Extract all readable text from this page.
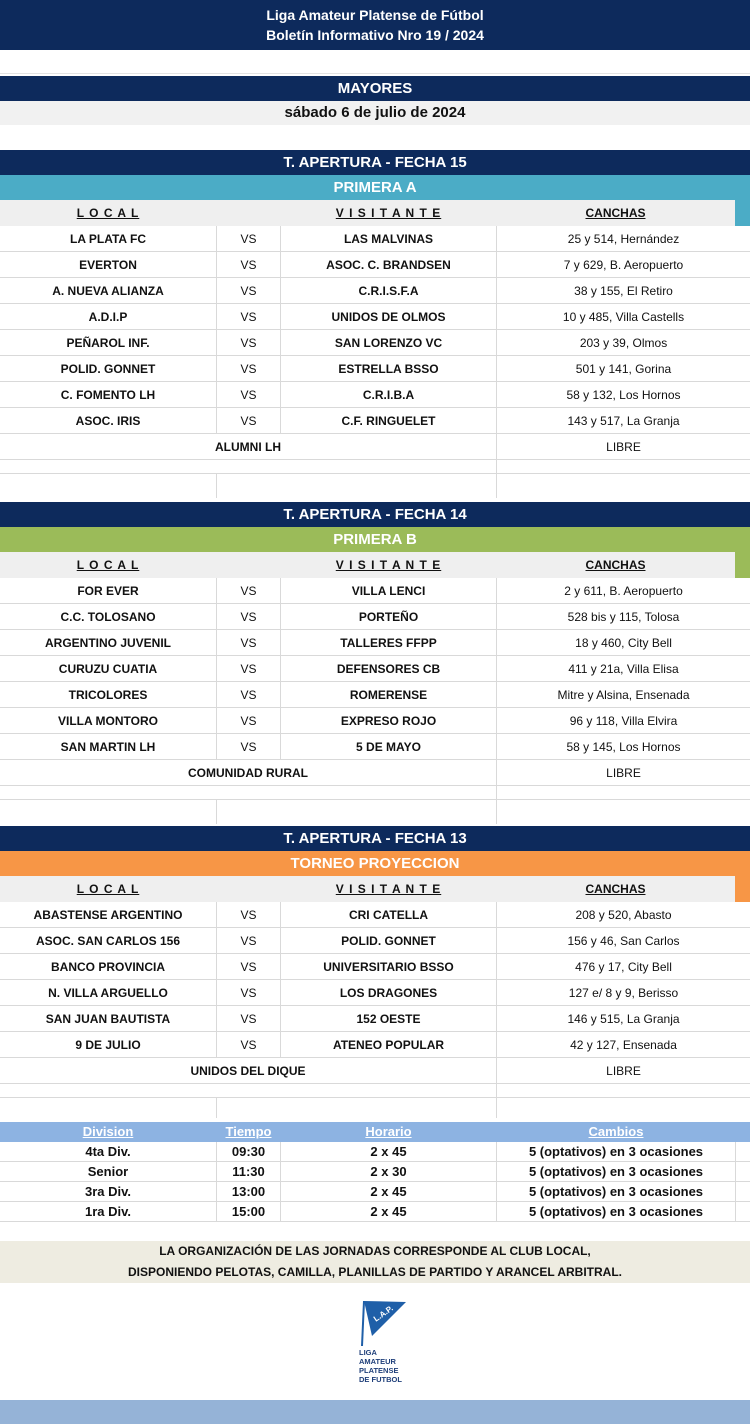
Liga Amateur Platense de Fútbol
Boletín Informativo Nro 19 / 2024
MAYORES
sábado 6 de julio de 2024
T. APERTURA - FECHA 15
PRIMERA A
L O C A L	V I S I T A N T E	CANCHAS
LA PLATA FC	VS	LAS MALVINAS	25 y 514, Hernández
EVERTON	VS	ASOC. C. BRANDSEN	7 y 629, B. Aeropuerto
A. NUEVA ALIANZA	VS	C.R.I.S.F.A	38 y 155, El Retiro
A.D.I.P	VS	UNIDOS DE OLMOS	10 y 485, Villa Castells
PEÑAROL INF.	VS	SAN LORENZO VC	203 y 39, Olmos
POLID. GONNET	VS	ESTRELLA BSSO	501 y 141, Gorina
C. FOMENTO LH	VS	C.R.I.B.A	58 y 132, Los Hornos
ASOC. IRIS	VS	C.F. RINGUELET	143 y 517, La Granja
ALUMNI LH	LIBRE
T. APERTURA - FECHA 14
PRIMERA B
L O C A L	V I S I T A N T E	CANCHAS
FOR EVER	VS	VILLA LENCI	2 y 611, B. Aeropuerto
C.C. TOLOSANO	VS	PORTEÑO	528 bis y 115, Tolosa
ARGENTINO JUVENIL	VS	TALLERES FFPP	18 y 460, City Bell
CURUZU CUATIA	VS	DEFENSORES CB	411 y 21a, Villa Elisa
TRICOLORES	VS	ROMERENSE	Mitre y Alsina, Ensenada
VILLA MONTORO	VS	EXPRESO ROJO	96 y 118, Villa Elvira
SAN MARTIN LH	VS	5 DE MAYO	58 y 145, Los Hornos
COMUNIDAD RURAL	LIBRE
T. APERTURA - FECHA 13
TORNEO PROYECCION
L O C A L	V I S I T A N T E	CANCHAS
ABASTENSE ARGENTINO	VS	CRI CATELLA	208 y 520, Abasto
ASOC. SAN CARLOS 156	VS	POLID. GONNET	156 y 46, San Carlos
BANCO PROVINCIA	VS	UNIVERSITARIO BSSO	476 y 17, City Bell
N. VILLA ARGUELLO	VS	LOS DRAGONES	127 e/ 8 y 9, Berisso
SAN JUAN BAUTISTA	VS	152 OESTE	146 y 515, La Granja
9 DE JULIO	VS	ATENEO POPULAR	42 y 127, Ensenada
UNIDOS DEL DIQUE	LIBRE
Division	Tiempo	Horario	Cambios
4ta Div.	09:30	2 x 45	5 (optativos) en 3 ocasiones
Senior	11:30	2 x 30	5 (optativos) en 3 ocasiones
3ra Div.	13:00	2 x 45	5 (optativos) en 3 ocasiones
1ra Div.	15:00	2 x 45	5 (optativos) en 3 ocasiones
LA ORGANIZACIÓN DE LAS JORNADAS CORRESPONDE AL CLUB LOCAL,
DISPONIENDO PELOTAS, CAMILLA, PLANILLAS DE PARTIDO Y ARANCEL ARBITRAL.
L.A.P.
LIGA
AMATEUR
PLATENSE
DE FUTBOL
